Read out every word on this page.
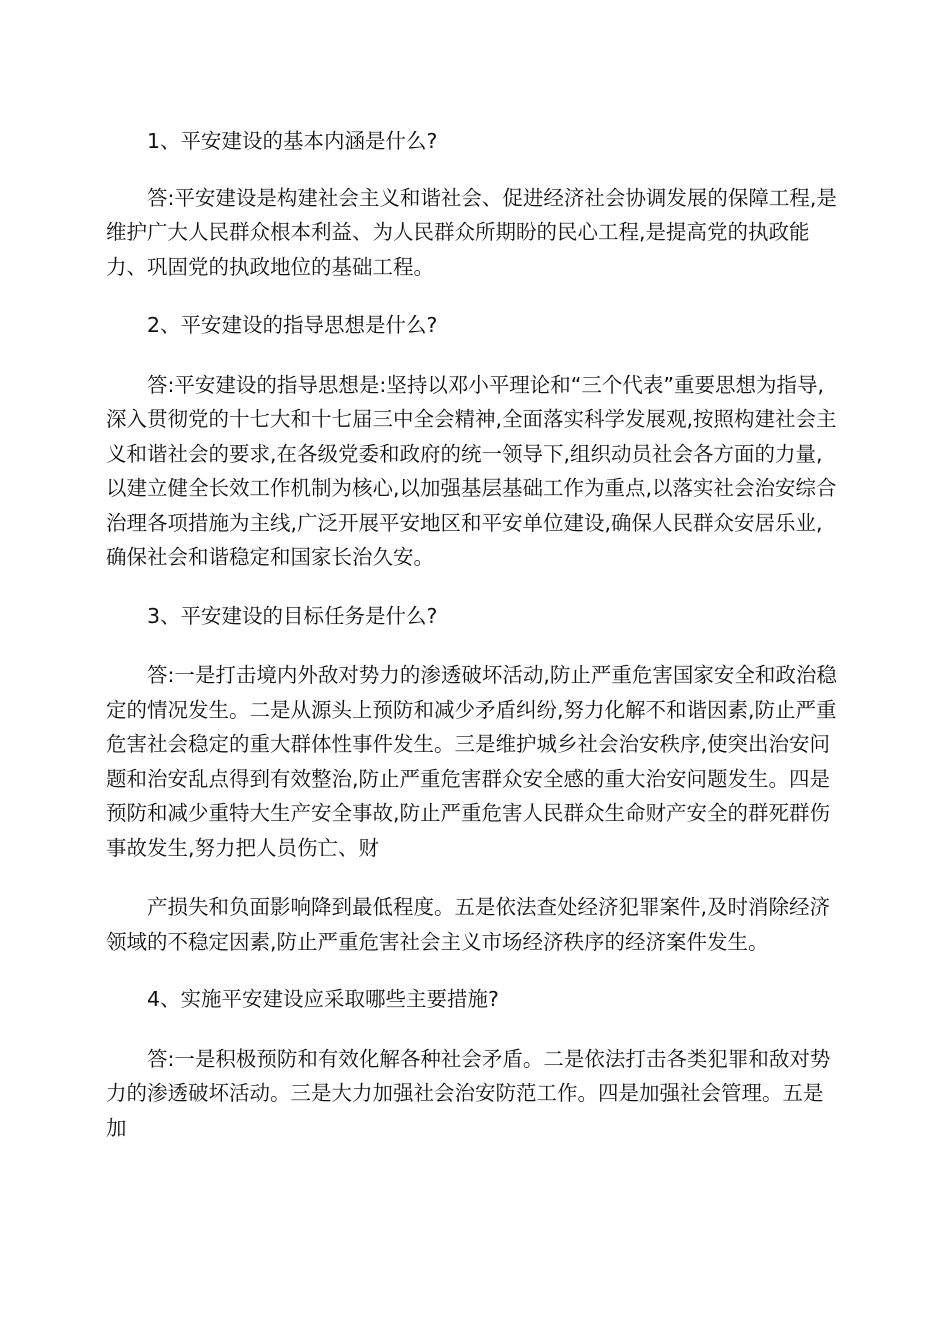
1、平安建设的基本内涵是什么?

答:平安建设是构建社会主义和谐社会、促进经济社会协调发展的保障工程,是维护广大人民群众根本利益、为人民群众所期盼的民心工程,是提高党的执政能力、巩固党的执政地位的基础工程。

2、平安建设的指导思想是什么?

答:平安建设的指导思想是:坚持以邓小平理论和“三个代表”重要思想为指导,深入贯彻党的十七大和十七届三中全会精神,全面落实科学发展观,按照构建社会主义和谐社会的要求,在各级党委和政府的统一领导下,组织动员社会各方面的力量,以建立健全长效工作机制为核心,以加强基层基础工作为重点,以落实社会治安综合治理各项措施为主线,广泛开展平安地区和平安单位建设,确保人民群众安居乐业,确保社会和谐稳定和国家长治久安。

3、平安建设的目标任务是什么?

答:一是打击境内外敌对势力的渗透破坏活动,防止严重危害国家安全和政治稳定的情况发生。二是从源头上预防和减少矛盾纠纷,努力化解不和谐因素,防止严重危害社会稳定的重大群体性事件发生。三是维护城乡社会治安秩序,使突出治安问题和治安乱点得到有效整治,防止严重危害群众安全感的重大治安问题发生。四是预防和减少重特大生产安全事故,防止严重危害人民群众生命财产安全的群死群伤事故发生,努力把人员伤亡、财

产损失和负面影响降到最低程度。五是依法查处经济犯罪案件,及时消除经济领域的不稳定因素,防止严重危害社会主义市场经济秩序的经济案件发生。

4、实施平安建设应采取哪些主要措施?

答:一是积极预防和有效化解各种社会矛盾。二是依法打击各类犯罪和敌对势力的渗透破坏活动。三是大力加强社会治安防范工作。四是加强社会管理。五是加
